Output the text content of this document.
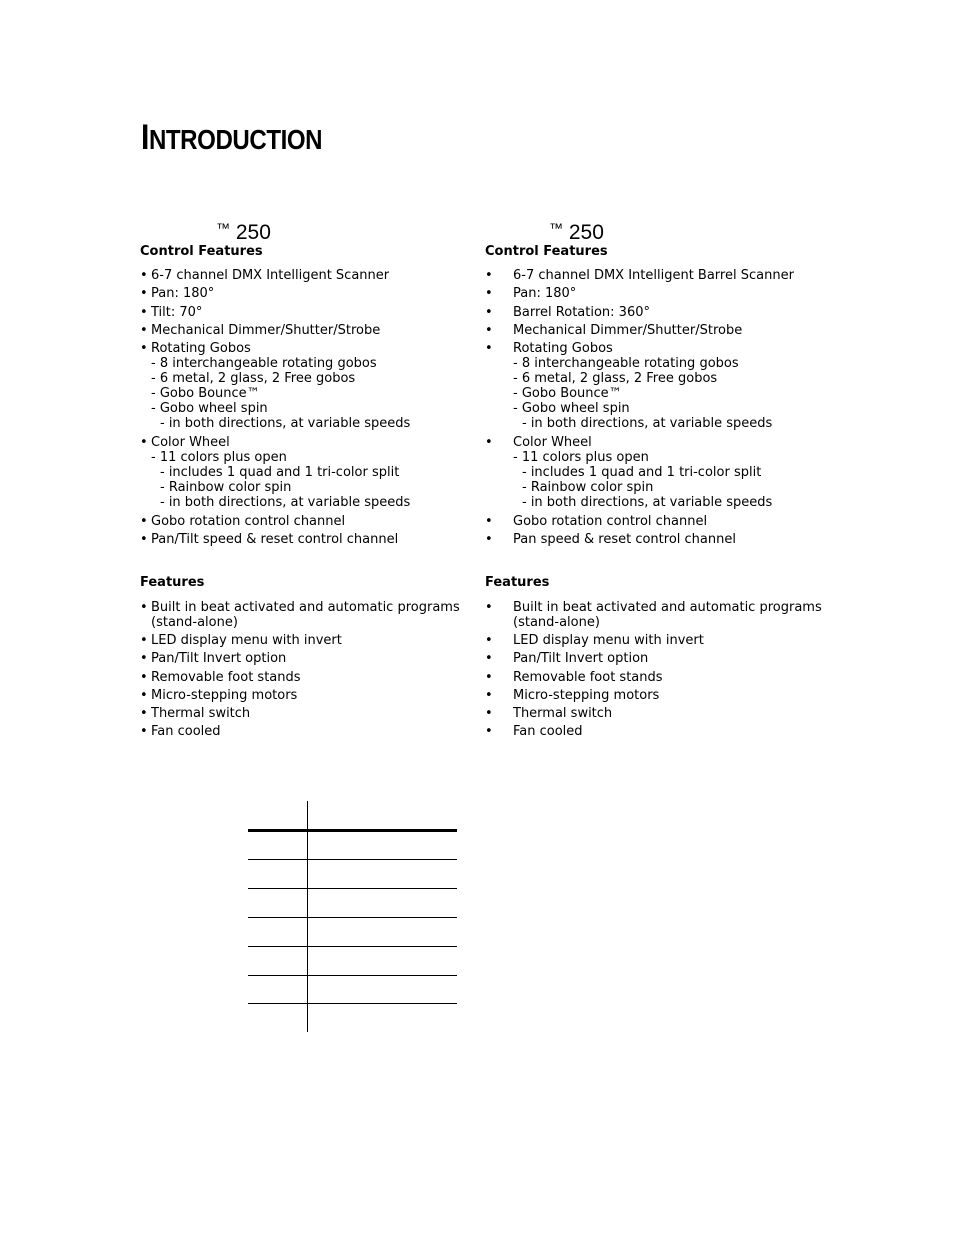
INTRODUCTION
™ 250
Control Features
• 6-7 channel DMX Intelligent Scanner
• Pan: 180°
• Tilt: 70°
• Mechanical Dimmer/Shutter/Strobe
• Rotating Gobos
- 8 interchangeable rotating gobos
- 6 metal, 2 glass, 2 Free gobos
- Gobo Bounce™
- Gobo wheel spin
- in both directions, at variable speeds
• Color Wheel
- 11 colors plus open
- includes 1 quad and 1 tri-color split
- Rainbow color spin
- in both directions, at variable speeds
• Gobo rotation control channel
• Pan/Tilt speed & reset control channel
Features
• Built in beat activated and automatic programs
(stand-alone)
• LED display menu with invert
• Pan/Tilt Invert option
• Removable foot stands
• Micro-stepping motors
• Thermal switch
• Fan cooled
™ 250
Control Features
• 6-7 channel DMX Intelligent Barrel Scanner
• Pan: 180°
• Barrel Rotation: 360°
• Mechanical Dimmer/Shutter/Strobe
• Rotating Gobos
- 8 interchangeable rotating gobos
- 6 metal, 2 glass, 2 Free gobos
- Gobo Bounce™
- Gobo wheel spin
- in both directions, at variable speeds
• Color Wheel
- 11 colors plus open
- includes 1 quad and 1 tri-color split
- Rainbow color spin
- in both directions, at variable speeds
• Gobo rotation control channel
• Pan speed & reset control channel
Features
• Built in beat activated and automatic programs
(stand-alone)
• LED display menu with invert
• Pan/Tilt Invert option
• Removable foot stands
• Micro-stepping motors
• Thermal switch
• Fan cooled
